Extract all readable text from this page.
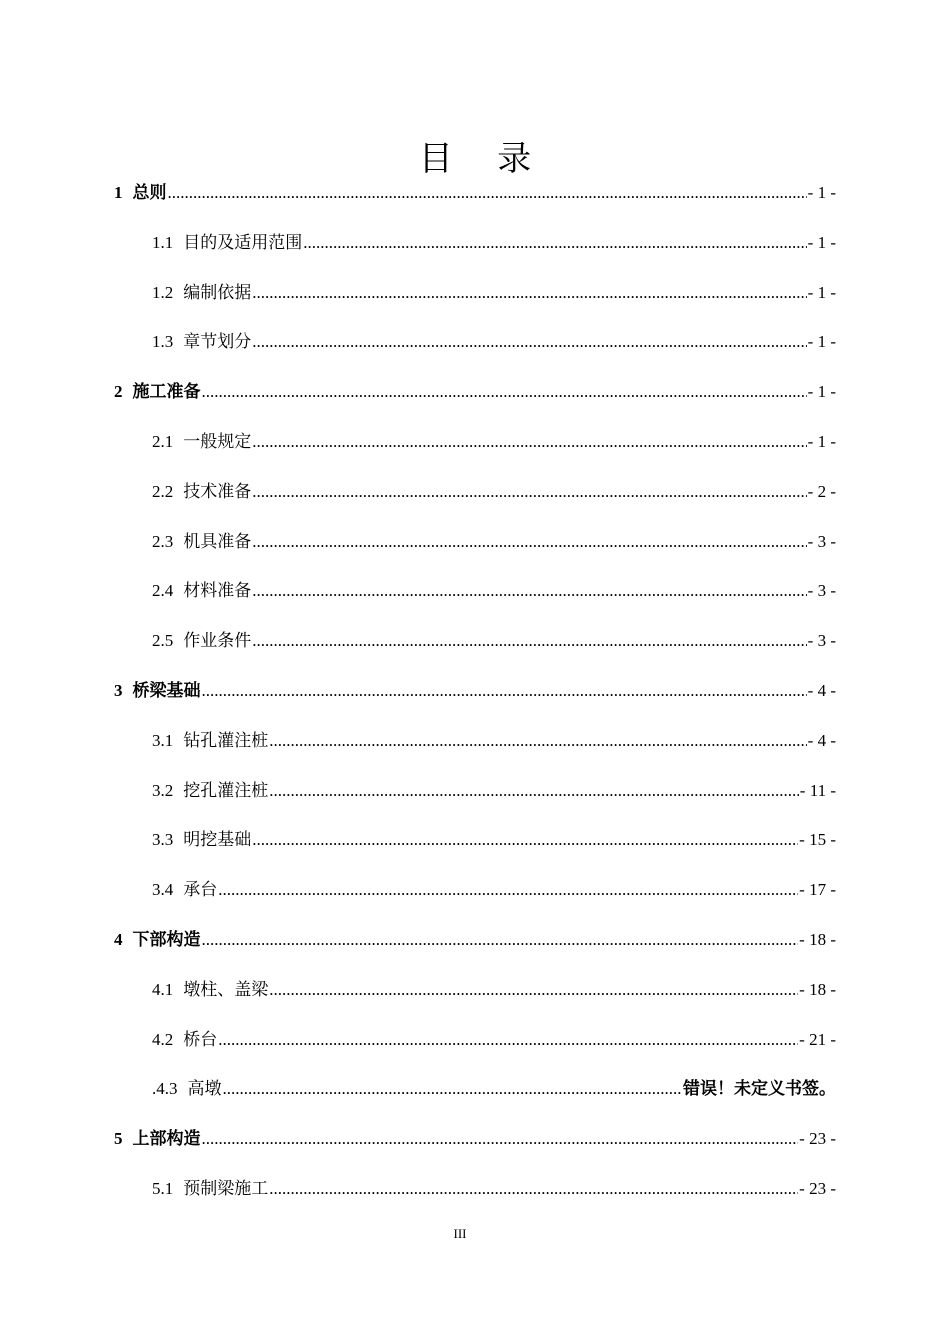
目 录
1 总则 .....	- 1 -
1.1 目的及适用范围 .....	- 1 -
1.2 编制依据 .....	- 1 -
1.3 章节划分 .....	- 1 -
2 施工准备 .....	- 1 -
2.1 一般规定 .....	- 1 -
2.2 技术准备 .....	- 2 -
2.3 机具准备 .....	- 3 -
2.4 材料准备 .....	- 3 -
2.5 作业条件 .....	- 3 -
3 桥梁基础 .....	- 4 -
3.1 钻孔灌注桩 .....	- 4 -
3.2 挖孔灌注桩 .....	- 11 -
3.3 明挖基础 .....	- 15 -
3.4 承台 .....	- 17 -
4 下部构造 .....	- 18 -
4.1 墩柱、盖梁 .....	- 18 -
4.2 桥台 .....	- 21 -
.4.3 高墩 .....	错误！未定义书签。
5 上部构造 .....	- 23 -
5.1 预制梁施工 .....	- 23 -
III
